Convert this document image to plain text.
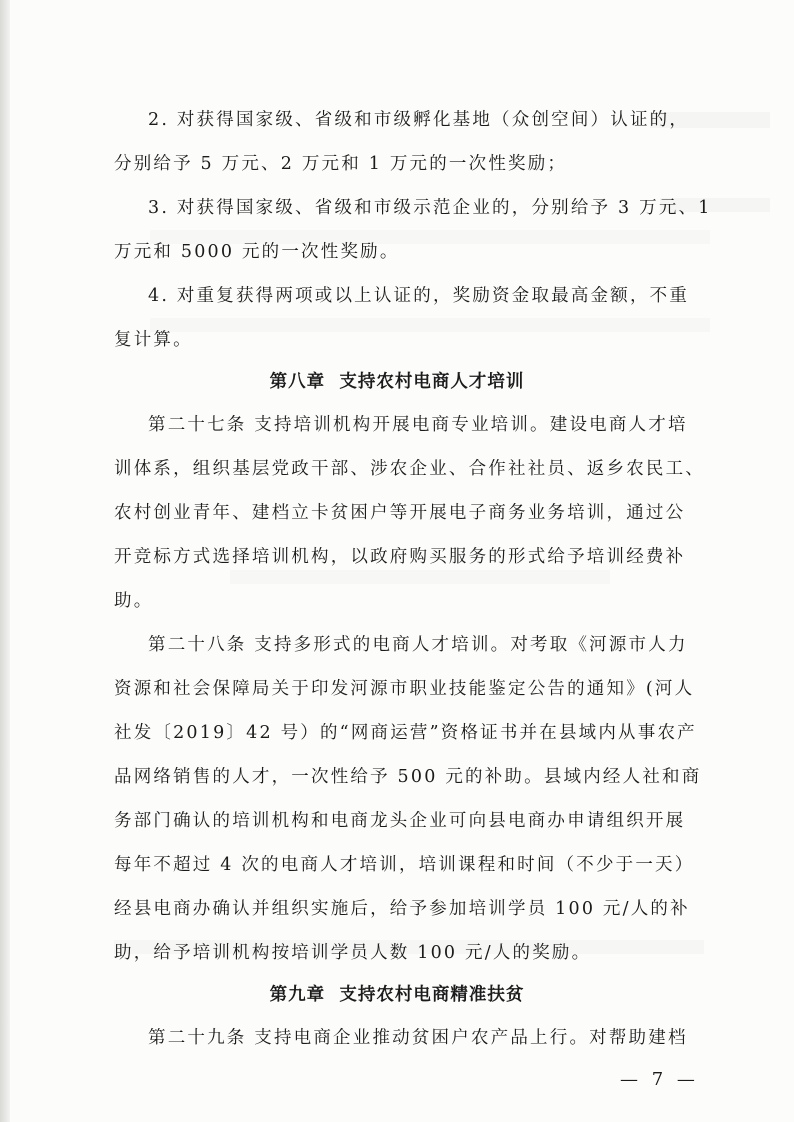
2. 对获得国家级、省级和市级孵化基地（众创空间）认证的，
分别给予 5 万元、2 万元和 1 万元的一次性奖励；
3. 对获得国家级、省级和市级示范企业的，分别给予 3 万元、1
万元和 5000 元的一次性奖励。
4. 对重复获得两项或以上认证的，奖励资金取最高金额，不重
复计算。
第八章  支持农村电商人才培训
第二十七条 支持培训机构开展电商专业培训。建设电商人才培
训体系，组织基层党政干部、涉农企业、合作社社员、返乡农民工、
农村创业青年、建档立卡贫困户等开展电子商务业务培训，通过公
开竞标方式选择培训机构，以政府购买服务的形式给予培训经费补
助。
第二十八条 支持多形式的电商人才培训。对考取《河源市人力
资源和社会保障局关于印发河源市职业技能鉴定公告的通知》(河人
社发〔2019〕42 号）的“网商运营”资格证书并在县域内从事农产
品网络销售的人才，一次性给予 500 元的补助。县域内经人社和商
务部门确认的培训机构和电商龙头企业可向县电商办申请组织开展
每年不超过 4 次的电商人才培训，培训课程和时间（不少于一天）
经县电商办确认并组织实施后，给予参加培训学员 100 元/人的补
助，给予培训机构按培训学员人数 100 元/人的奖励。
第九章  支持农村电商精准扶贫
第二十九条 支持电商企业推动贫困户农产品上行。对帮助建档
— 7 —
